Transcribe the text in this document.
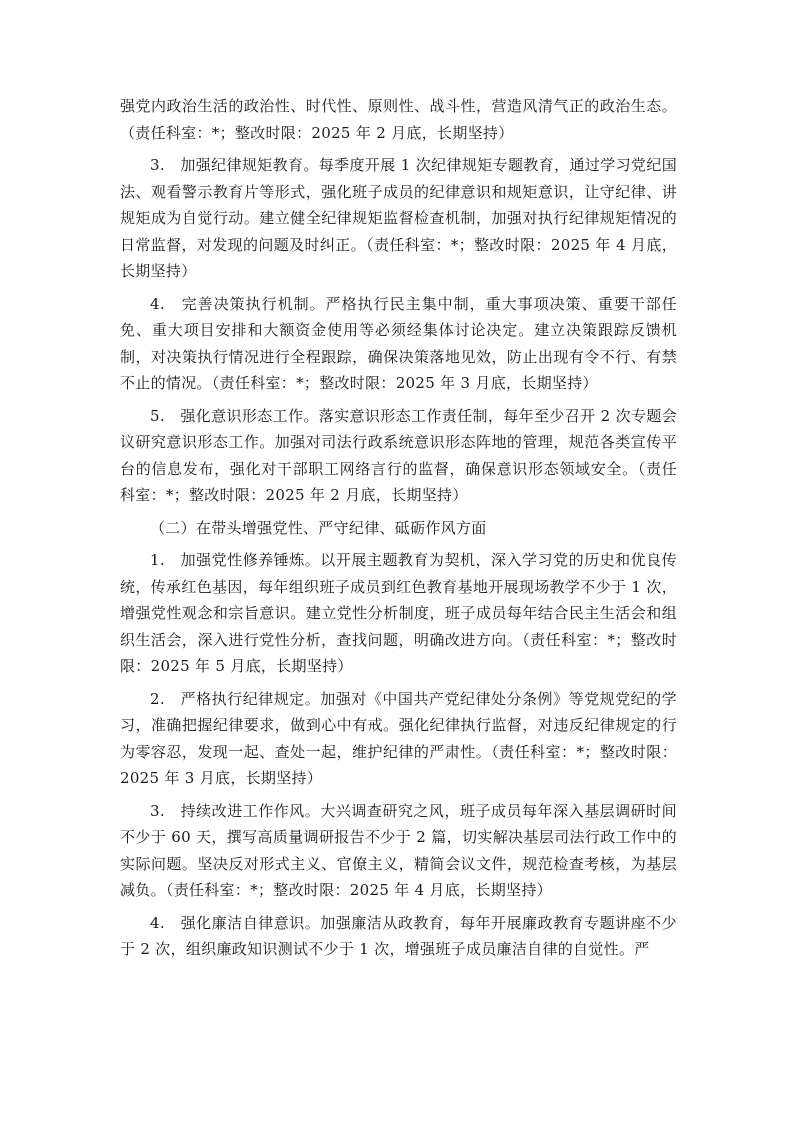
强党内政治生活的政治性、时代性、原则性、战斗性，营造风清气正的政治生态。（责任科室：*；整改时限：2025 年 2 月底，长期坚持）

3.　加强纪律规矩教育。每季度开展 1 次纪律规矩专题教育，通过学习党纪国法、观看警示教育片等形式，强化班子成员的纪律意识和规矩意识，让守纪律、讲规矩成为自觉行动。建立健全纪律规矩监督检查机制，加强对执行纪律规矩情况的日常监督，对发现的问题及时纠正。（责任科室：*；整改时限：2025 年 4 月底，长期坚持）

4.　完善决策执行机制。严格执行民主集中制，重大事项决策、重要干部任免、重大项目安排和大额资金使用等必须经集体讨论决定。建立决策跟踪反馈机制，对决策执行情况进行全程跟踪，确保决策落地见效，防止出现有令不行、有禁不止的情况。（责任科室：*；整改时限：2025 年 3 月底，长期坚持）

5.　强化意识形态工作。落实意识形态工作责任制，每年至少召开 2 次专题会议研究意识形态工作。加强对司法行政系统意识形态阵地的管理，规范各类宣传平台的信息发布，强化对干部职工网络言行的监督，确保意识形态领域安全。（责任科室：*；整改时限：2025 年 2 月底，长期坚持）

（二）在带头增强党性、严守纪律、砥砺作风方面

1.　加强党性修养锤炼。以开展主题教育为契机，深入学习党的历史和优良传统，传承红色基因，每年组织班子成员到红色教育基地开展现场教学不少于 1 次，增强党性观念和宗旨意识。建立党性分析制度，班子成员每年结合民主生活会和组织生活会，深入进行党性分析，查找问题，明确改进方向。（责任科室：*；整改时限：2025 年 5 月底，长期坚持）

2.　严格执行纪律规定。加强对《中国共产党纪律处分条例》等党规党纪的学习，准确把握纪律要求，做到心中有戒。强化纪律执行监督，对违反纪律规定的行为零容忍，发现一起、查处一起，维护纪律的严肃性。（责任科室：*；整改时限：2025 年 3 月底，长期坚持）

3.　持续改进工作作风。大兴调查研究之风，班子成员每年深入基层调研时间不少于 60 天，撰写高质量调研报告不少于 2 篇，切实解决基层司法行政工作中的实际问题。坚决反对形式主义、官僚主义，精简会议文件，规范检查考核，为基层减负。（责任科室：*；整改时限：2025 年 4 月底，长期坚持）

4.　强化廉洁自律意识。加强廉洁从政教育，每年开展廉政教育专题讲座不少于 2 次，组织廉政知识测试不少于 1 次，增强班子成员廉洁自律的自觉性。严
